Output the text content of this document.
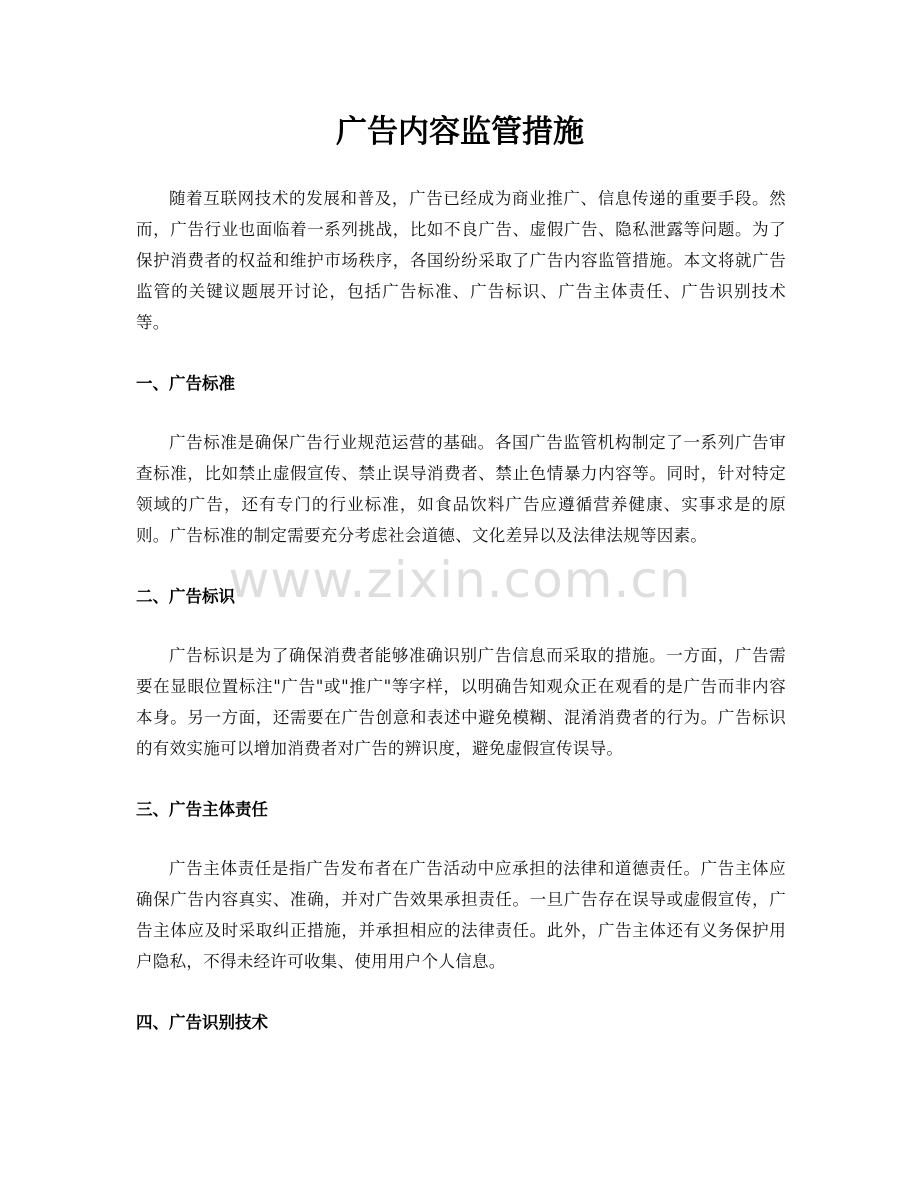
广告内容监管措施

随着互联网技术的发展和普及，广告已经成为商业推广、信息传递的重要手段。然而，广告行业也面临着一系列挑战，比如不良广告、虚假广告、隐私泄露等问题。为了保护消费者的权益和维护市场秩序，各国纷纷采取了广告内容监管措施。本文将就广告监管的关键议题展开讨论，包括广告标准、广告标识、广告主体责任、广告识别技术等。

一、广告标准

广告标准是确保广告行业规范运营的基础。各国广告监管机构制定了一系列广告审查标准，比如禁止虚假宣传、禁止误导消费者、禁止色情暴力内容等。同时，针对特定领域的广告，还有专门的行业标准，如食品饮料广告应遵循营养健康、实事求是的原则。广告标准的制定需要充分考虑社会道德、文化差异以及法律法规等因素。

二、广告标识

广告标识是为了确保消费者能够准确识别广告信息而采取的措施。一方面，广告需要在显眼位置标注"广告"或"推广"等字样，以明确告知观众正在观看的是广告而非内容本身。另一方面，还需要在广告创意和表述中避免模糊、混淆消费者的行为。广告标识的有效实施可以增加消费者对广告的辨识度，避免虚假宣传误导。

三、广告主体责任

广告主体责任是指广告发布者在广告活动中应承担的法律和道德责任。广告主体应确保广告内容真实、准确，并对广告效果承担责任。一旦广告存在误导或虚假宣传，广告主体应及时采取纠正措施，并承担相应的法律责任。此外，广告主体还有义务保护用户隐私，不得未经许可收集、使用用户个人信息。

四、广告识别技术
www.zixin.com.cn
